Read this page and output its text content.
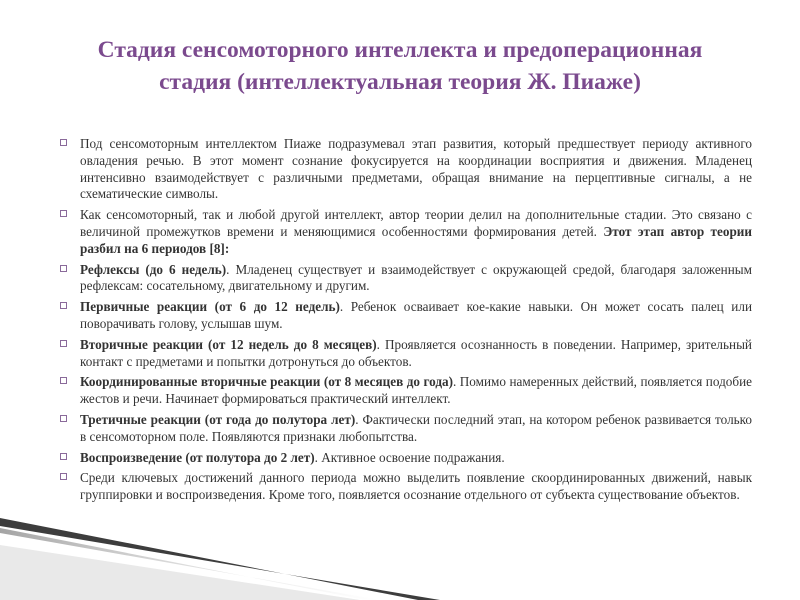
Стадия сенсомоторного интеллекта и предоперационная
стадия (интеллектуальная теория Ж. Пиаже)
Под сенсомоторным интеллектом Пиаже подразумевал этап развития, который предшествует периоду активного овладения речью. В этот момент сознание фокусируется на координации восприятия и движения. Младенец интенсивно взаимодействует с различными предметами, обращая внимание на перцептивные сигналы, а не схематические символы.
Как сенсомоторный, так и любой другой интеллект, автор теории делил на дополнительные стадии. Это связано с величиной промежутков времени и меняющимися особенностями формирования детей. Этот этап автор теории разбил на 6 периодов [8]:
Рефлексы (до 6 недель). Младенец существует и взаимодействует с окружающей средой, благодаря заложенным рефлексам: сосательному, двигательному и другим.
Первичные реакции (от 6 до 12 недель). Ребенок осваивает кое-какие навыки. Он может сосать палец или поворачивать голову, услышав шум.
Вторичные реакции (от 12 недель до 8 месяцев). Проявляется осознанность в поведении. Например, зрительный контакт с предметами и попытки дотронуться до объектов.
Координированные вторичные реакции (от 8 месяцев до года). Помимо намеренных действий, появляется подобие жестов и речи. Начинает формироваться практический интеллект.
Третичные реакции (от года до полутора лет). Фактически последний этап, на котором ребенок развивается только в сенсомоторном поле. Появляются признаки любопытства.
Воспроизведение (от полутора до 2 лет). Активное освоение подражания.
Среди ключевых достижений данного периода можно выделить появление скоординированных движений, навык группировки и воспроизведения. Кроме того, появляется осознание отдельного от субъекта существование объектов.
